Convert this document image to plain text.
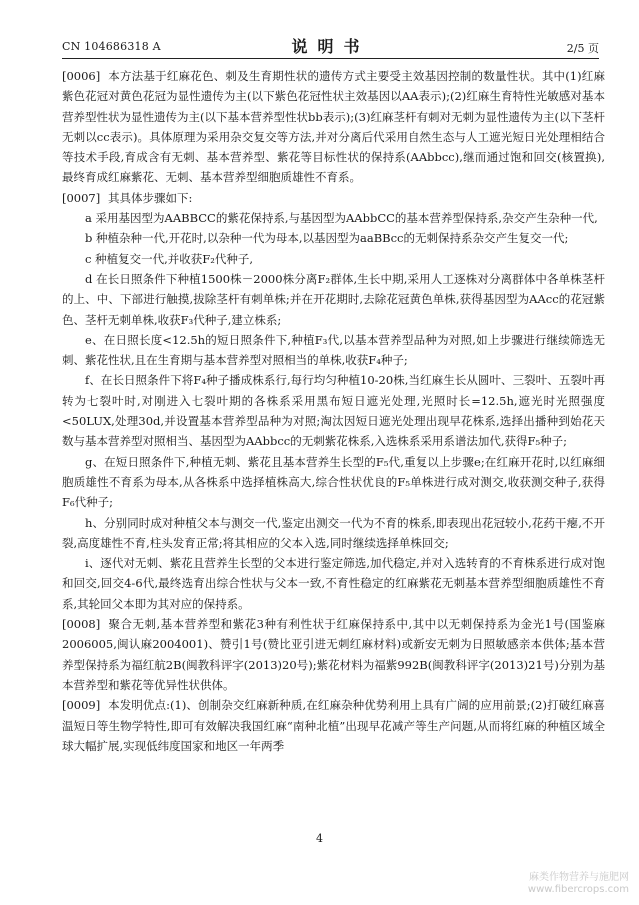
CN 104686318 A	说明书	2/5 页

[0006] 本方法基于红麻花色、刺及生育期性状的遗传方式主要受主效基因控制的数量性状。其中(1)红麻紫色花冠对黄色花冠为显性遗传为主(以下紫色花冠性状主效基因以AA表示);(2)红麻生育特性光敏感对基本营养型性状为显性遗传为主(以下基本营养型性状bb表示);(3)红麻茎杆有刺对无刺为显性遗传为主(以下茎杆无刺以cc表示)。具体原理为采用杂交复交等方法,并对分离后代采用自然生态与人工遮光短日光处理相结合等技术手段,育成含有无刺、基本营养型、紫花等目标性状的保持系(AAbbcc),继而通过饱和回交(核置换),最终育成红麻紫花、无刺、基本营养型细胞质雄性不育系。

[0007] 其具体步骤如下:

a 采用基因型为AABBCC的紫花保持系,与基因型为AAbbCC的基本营养型保持系,杂交产生杂种一代,

b 种植杂种一代,开花时,以杂种一代为母本,以基因型为aaBBcc的无刺保持系杂交产生复交一代;

c 种植复交一代,并收获F₂代种子,

d 在长日照条件下种植1500株－2000株分离F₂群体,生长中期,采用人工逐株对分离群体中各单株茎杆的上、中、下部进行触摸,拔除茎杆有刺单株;并在开花期时,去除花冠黄色单株,获得基因型为AAcc的花冠紫色、茎杆无刺单株,收获F₃代种子,建立株系;

e、在日照长度<12.5h的短日照条件下,种植F₃代,以基本营养型品种为对照,如上步骤进行继续筛选无刺、紫花性状,且在生育期与基本营养型对照相当的单株,收获F₄种子;

f、在长日照条件下将F₄种子播成株系行,每行均匀种植10-20株,当红麻生长从圆叶、三裂叶、五裂叶再转为七裂叶时,对刚进入七裂叶期的各株系采用黑布短日遮光处理,光照时长=12.5h,遮光时光照强度<50LUX,处理30d,并设置基本营养型品种为对照;淘汰因短日遮光处理出现早花株系,选择出播种到始花天数与基本营养型对照相当、基因型为AAbbcc的无刺紫花株系,入选株系采用系谱法加代,获得F₅种子;

g、在短日照条件下,种植无刺、紫花且基本营养生长型的F₅代,重复以上步骤e;在红麻开花时,以红麻细胞质雄性不育系为母本,从各株系中选择植株高大,综合性状优良的F₅单株进行成对测交,收获测交种子,获得F₆代种子;

h、分别同时成对种植父本与测交一代,鉴定出测交一代为不育的株系,即表现出花冠较小,花药干瘪,不开裂,高度雄性不育,柱头发育正常;将其相应的父本入选,同时继续选择单株回交;

i、逐代对无刺、紫花且营养生长型的父本进行鉴定筛选,加代稳定,并对入选转育的不育株系进行成对饱和回交,回交4-6代,最终选育出综合性状与父本一致,不育性稳定的红麻紫花无刺基本营养型细胞质雄性不育系,其轮回父本即为其对应的保持系。

[0008] 聚合无刺,基本营养型和紫花3种有利性状于红麻保持系中,其中以无刺保持系为金光1号(国鉴麻2006005,闽认麻2004001)、赞引1号(赞比亚引进无刺红麻材料)或新安无刺为日照敏感亲本供体;基本营养型保持系为福红航2B(闽教科评字(2013)20号);紫花材料为福紫992B(闽教科评字(2013)21号)分别为基本营养型和紫花等优异性状供体。

[0009] 本发明优点:(1)、创制杂交红麻新种质,在红麻杂种优势利用上具有广阔的应用前景;(2)打破红麻喜温短日等生物学特性,即可有效解决我国红麻“南种北植”出现早花减产等生产问题,从而将红麻的种植区域全球大幅扩展,实现低纬度国家和地区一年两季

4
麻类作物营养与施肥网
www.fibercrops.com
